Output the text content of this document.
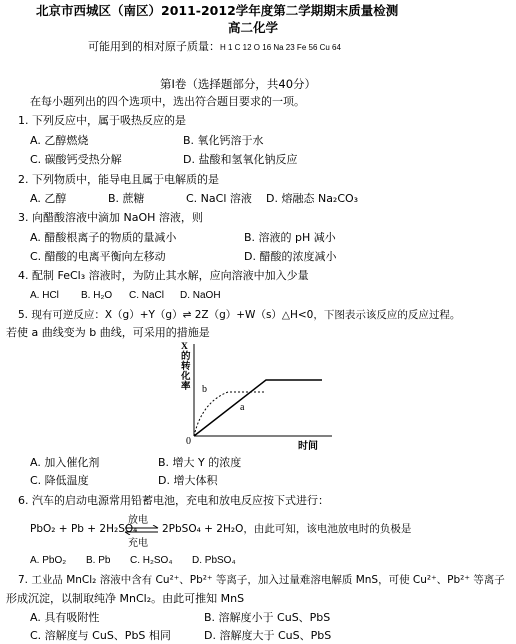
北京市西城区（南区）2011-2012学年度第二学期期末质量检测
高二化学
可能用到的相对原子质量：H 1 C 12 O 16 Na 23 Fe 56 Cu 64
第Ⅰ卷（选择题部分，共40分）
在每小题列出的四个选项中，选出符合题目要求的一项。
1. 下列反应中，属于吸热反应的是
A. 乙醇燃烧	B. 氧化钙溶于水
C. 碳酸钙受热分解	D. 盐酸和氢氧化钠反应
2. 下列物质中，能导电且属于电解质的是
A. 乙醇	B. 蔗糖	C. NaCl 溶液 D. 熔融态 Na₂CO₃
3. 向醋酸溶液中滴加 NaOH 溶液，则
A. 醋酸根离子的物质的量减小	B. 溶液的 pH 减小
C. 醋酸的电离平衡向左移动	D. 醋酸的浓度减小
4. 配制 FeCl₃ 溶液时，为防止其水解，应向溶液中加入少量
A. HCl B. H₂O C. NaCl D. NaOH
5. 现有可逆反应：X（g）+Y（g）⇌ 2Z（g）+W（s）△H<0，下图表示该反应的反应过程。
若使 a 曲线变为 b 曲线，可采用的措施是
X
的
转
化
率 b
a
0	时间
A. 加入催化剂	B. 增大 Y 的浓度
C. 降低温度	D. 增大体积
6. 汽车的启动电源常用铅蓄电池，充电和放电反应按下式进行：
PbO₂ + Pb + 2H₂SO₄
放电
充电
2PbSO₄ + 2H₂O，由此可知，该电池放电时的负极是
A. PbO₂ B. Pb C. H₂SO₄ D. PbSO₄
7. 工业品 MnCl₂ 溶液中含有 Cu²⁺、Pb²⁺ 等离子，加入过量难溶电解质 MnS，可使 Cu²⁺、Pb²⁺ 等离子
形成沉淀，以制取纯净 MnCl₂。由此可推知 MnS
A. 具有吸附性	B. 溶解度小于 CuS、PbS
C. 溶解度与 CuS、PbS 相同	D. 溶解度大于 CuS、PbS
